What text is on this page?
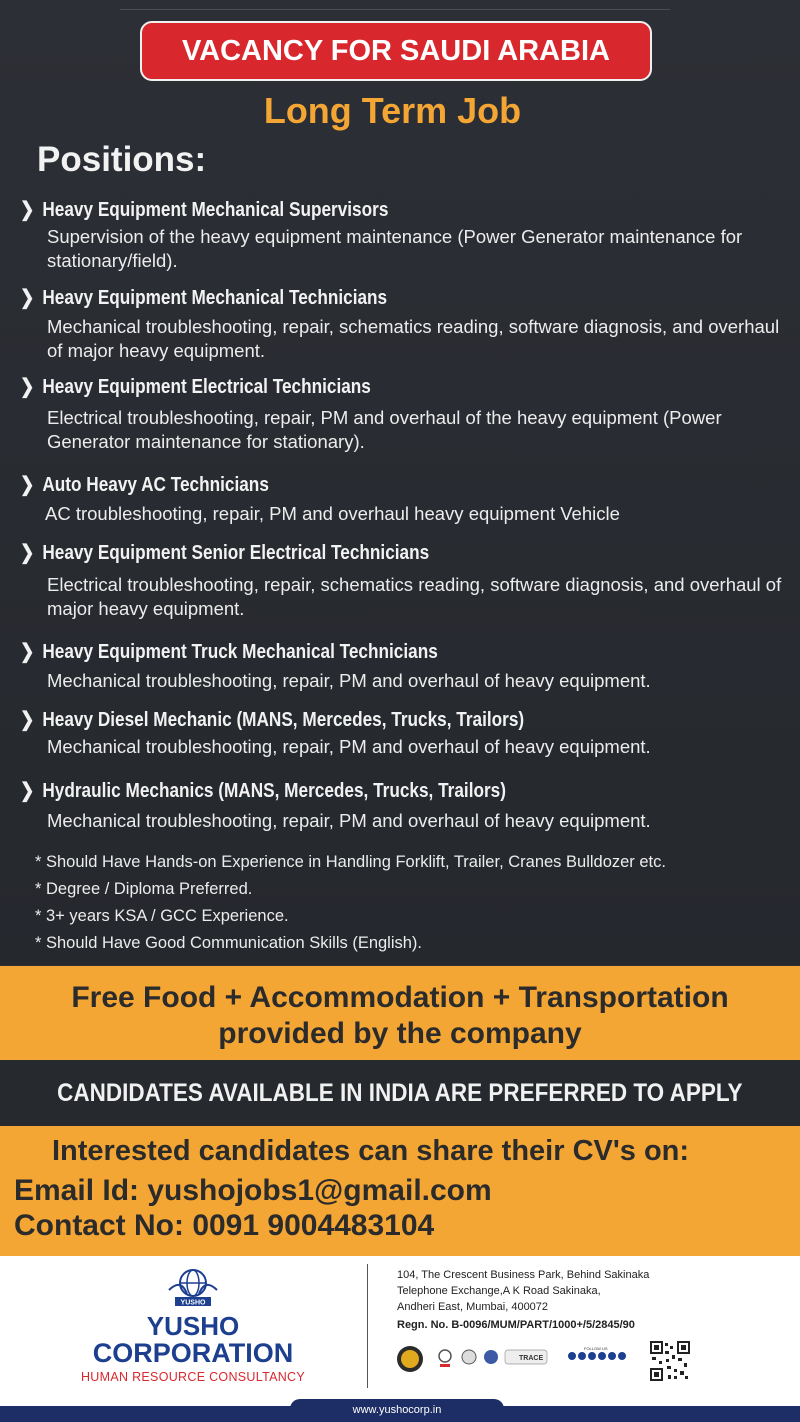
VACANCY FOR SAUDI ARABIA
Long Term Job
Positions:
❯ Heavy Equipment Mechanical Supervisors
Supervision of the heavy equipment maintenance (Power Generator maintenance for stationary/field).
❯ Heavy Equipment Mechanical Technicians
Mechanical troubleshooting, repair, schematics reading, software diagnosis, and overhaul of major heavy equipment.
❯ Heavy Equipment Electrical Technicians
Electrical troubleshooting, repair, PM and overhaul of the heavy equipment (Power Generator maintenance for stationary).
❯ Auto Heavy AC Technicians
AC troubleshooting, repair, PM and overhaul heavy equipment Vehicle
❯ Heavy Equipment Senior Electrical Technicians
Electrical troubleshooting, repair, schematics reading, software diagnosis, and overhaul of major heavy equipment.
❯ Heavy Equipment Truck Mechanical Technicians
Mechanical troubleshooting, repair, PM and overhaul of heavy equipment.
❯ Heavy Diesel Mechanic (MANS, Mercedes, Trucks, Trailors)
Mechanical troubleshooting, repair, PM and overhaul of heavy equipment.
❯ Hydraulic Mechanics (MANS, Mercedes, Trucks, Trailors)
Mechanical troubleshooting, repair, PM and overhaul of heavy equipment.
* Should Have Hands-on Experience in Handling Forklift, Trailer, Cranes Bulldozer etc.
* Degree / Diploma Preferred.
* 3+ years KSA / GCC Experience.
* Should Have Good Communication Skills (English).
Free Food + Accommodation + Transportation
provided by the company
CANDIDATES AVAILABLE IN INDIA ARE PREFERRED TO APPLY
Interested candidates can share their CV's on:
Email Id: yushojobs1@gmail.com
Contact No: 0091 9004483104
YUSHO
YUSHO
CORPORATION
HUMAN RESOURCE CONSULTANCY
104, The Crescent Business Park, Behind Sakinaka
Telephone Exchange,A K Road Sakinaka,
Andheri East, Mumbai, 400072
Regn. No. B-0096/MUM/PART/1000+/5/2845/90
TRACE
FOLLOW US
www.yushocorp.in
